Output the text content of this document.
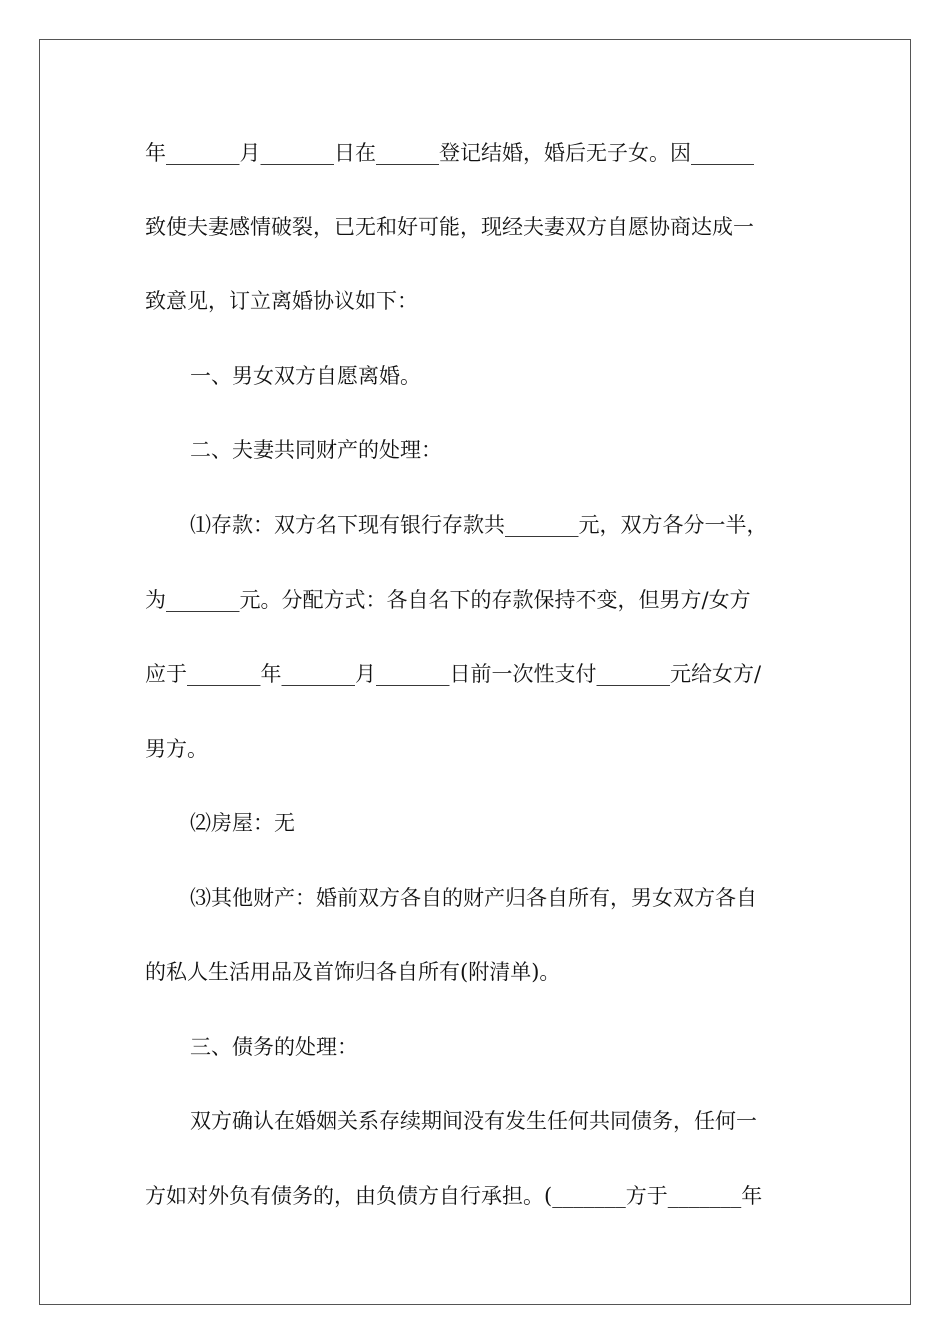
年_______月_______日在______登记结婚，婚后无子女。因______

致使夫妻感情破裂，已无和好可能，现经夫妻双方自愿协商达成一

致意见，订立离婚协议如下：

一、男女双方自愿离婚。

二、夫妻共同财产的处理：

⑴存款：双方名下现有银行存款共_______元，双方各分一半，

为_______元。分配方式：各自名下的存款保持不变，但男方/女方

应于_______年_______月_______日前一次性支付_______元给女方/

男方。

⑵房屋：无

⑶其他财产：婚前双方各自的财产归各自所有，男女双方各自

的私人生活用品及首饰归各自所有(附清单)。

三、债务的处理：

双方确认在婚姻关系存续期间没有发生任何共同债务，任何一

方如对外负有债务的，由负债方自行承担。(_______方于_______年
